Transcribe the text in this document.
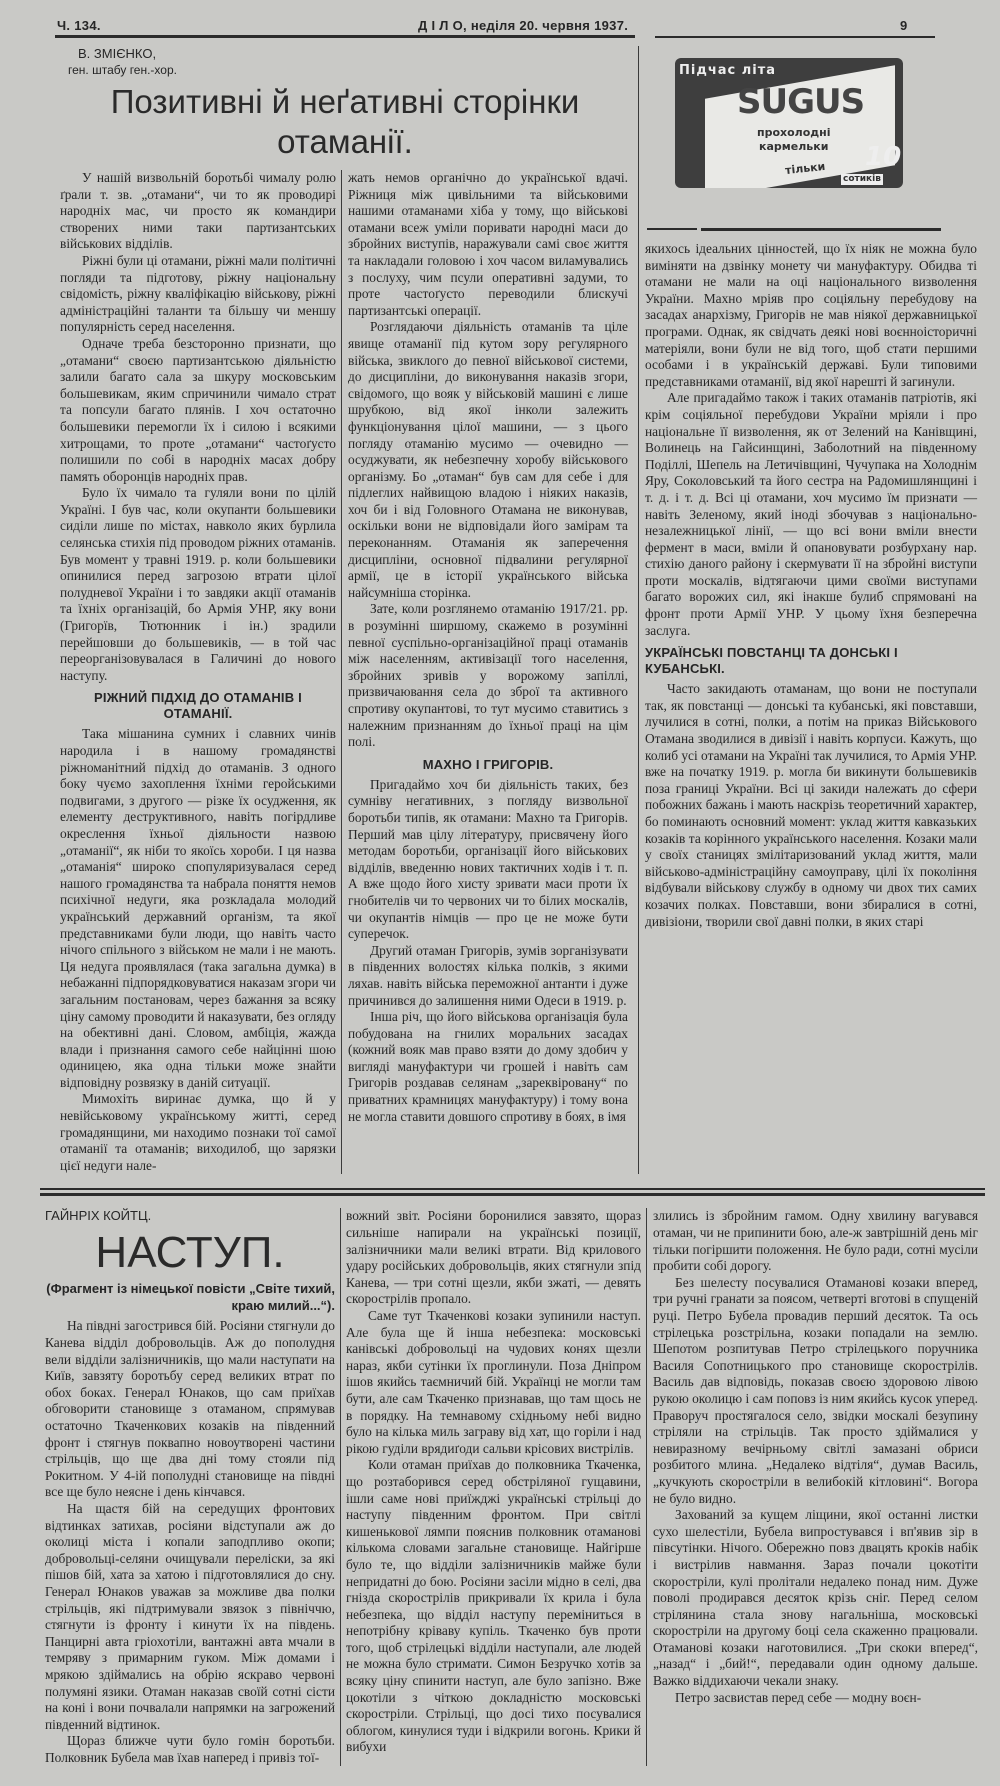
Ч. 134.	Д І Л О, неділя 20. червня 1937.	9
В. ЗМІЄНКО,
ген. штабу ген.-хор.
Позитивні й неґативні сторінки отаманії.

У нашій визвольній боротьбі чималу ролю ґрали т. зв. „отамани“, чи то як проводирі народніх мас, чи просто як командири створених ними таки партизантських військових відділів.

Ріжні були ці отамани, ріжні мали політичні погляди та підготову, ріжну національну свідомість, ріжну кваліфікацію військову, ріжні адміністраційні таланти та більшу чи меншу популярність серед населення.

Одначе треба безсторонно признати, що „отамани“ своєю партизантською діяльністю залили багато сала за шкуру московським большевикам, яким спричинили чимало страт та попсули багато плянів. І хоч остаточно большевики перемогли їх і силою і всякими хитрощами, то проте „отамани“ частоґусто полишили по собі в народніх масах добру память оборонців народніх прав.

Було їх чимало та гуляли вони по цілій Україні. І був час, коли окупанти большевики сиділи лише по містах, навколо яких бурлила селянська стихія під проводом ріжних отаманів. Був момент у травні 1919. р. коли большевики опинилися перед загрозою втрати цілої полудневої України і то завдяки акції отаманів та їхніх організацій, бо Армія УНР, яку вони (Григорїв, Тютюнник і ін.) зрадили перейшовши до большевиків, — в той час переорганізовувалася в Галичині до нового наступу.

РІЖНИЙ ПІДХІД ДО ОТАМАНІВ І ОТАМАНІЇ.

Така мішанина сумних і славних чинів народила і в нашому громадянстві ріжноманітний підхід до отаманів. З одного боку чуємо захоплення їхніми геройськими подвигами, з другого — різке їх осудження, як елементу деструктивного, навіть погірдливе окреслення їхньої діяльности назвою „отаманії“, як ніби то якоїсь хороби. І ця назва „отаманія“ широко спопуляризувалася серед нашого громадянства та набрала поняття немов психічної недуги, яка розкладала молодий український державний організм, та якої представниками були люди, що навіть часто нічого спільного з військом не мали і не мають. Ця недуга проявлялася (така загальна думка) в небажанні підпорядковуватися наказам згори чи загальним постановам, через бажання за всяку ціну самому проводити й наказувати, без огляду на обективні дані. Словом, амбіція, жажда влади і признання самого себе найцінні шою одиницею, яка одна тільки може знайти відповідну розвязку в даній ситуації.

Мимохіть виринає думка, що й у невійськовому українському житті, серед громадянщини, ми находимо познаки тої самої отаманії та отаманів; виходилоб, що зарязки цієї недуги нале-

жать немов органічно до української вдачі. Ріжниця між цивільними та військовими нашими отаманами хіба у тому, що військові отамани всеж уміли поривати народні маси до збройних виступів, наражували самі своє життя та накладали головою і хоч часом виламувались з послуху, чим псули оперативні задуми, то проте частоґусто переводили блискучі партизантські операції.

Розглядаючи діяльність отаманів та ціле явище отаманії під кутом зору регулярного війська, звиклого до певної військової системи, до дисципліни, до виконування наказів згори, свідомого, що вояк у військовій машині є лише шрубкою, від якої інколи залежить функціонування цілої машини, — з цього погляду отаманію мусимо — очевидно — осуджувати, як небезпечну хоробу військового організму. Бо „отаман“ був сам для себе і для підлеглих найвищою владою і ніяких наказів, хоч би і від Головного Отамана не виконував, оскільки вони не відповідали його замірам та переконанням. Отаманія як заперечення дисципліни, основної підвалини регулярної армії, це в історії українського війська найсумніша сторінка.

Зате, коли розглянемо отаманію 1917/21. рр. в розумінні ширшому, скажемо в розумінні певної суспільно-організаційної праці отаманів між населенням, активізації того населення, збройних зривів у ворожому запіллі, призвичаювання села до зброї та активного спротиву окупантові, то тут мусимо ставитись з належним признанням до їхньої праці на цім полі.

МАХНО І ГРИГОРІВ.

Пригадаймо хоч би діяльність таких, без сумніву негативних, з погляду визвольної боротьби типів, як отамани: Махно та Григорів. Перший мав цілу літературу, присвячену його методам боротьби, організації його військових відділів, введенню нових тактичних ходів і т. п. А вже щодо його хисту зривати маси проти їх гнобителів чи то червоних чи то білих москалів, чи окупантів німців — про це не може бути суперечок.

Другий отаман Григорів, зумів зорганізувати в південних волостях кілька полків, з якими ляхав. навіть війська переможної антанти і дуже причинився до залишення ними Одеси в 1919. р.

Інша річ, що його військова організація була побудована на гнилих моральних засадах (кожний вояк мав право взяти до дому здобич у вигляді мануфактури чи грошей і навіть сам Григорів роздавав селянам „зареквіровану“ по приватних крамницях мануфактуру) і тому вона не могла ставити довшого спротиву в боях, в імя

Підчас літа
SUGUS
прохолодні
кармельки
тільки 10
сотиків

якихось ідеальних цінностей, що їх ніяк не можна було виміняти на дзвінку монету чи мануфактуру. Обидва ті отамани не мали на оці національного визволення України. Махно мріяв про соціяльну перебудову на засадах анархізму, Григорів не мав ніякої державницької програми. Однак, як свідчать деякі нові воєнноісторичні матеріяли, вони були не від того, щоб стати першими особами і в українській державі. Були типовими представниками отаманії, від якої нарешті й загинули.

Але пригадаймо також і таких отаманів патріотів, які крім соціяльної перебудови України мріяли і про національне її визволення, як от Зелений на Канівщині, Волинець на Гайсинщині, Заболотний на південному Поділлі, Шепель на Летичівщині, Чучупака на Холоднім Яру, Соколовський та його сестра на Радомишлянщині і т. д. і т. д. Всі ці отамани, хоч мусимо їм признати — навіть Зеленому, який іноді збочував з національно-незалежницької лінії, — що всі вони вміли внести фермент в маси, вміли й опановувати розбурхану нар. стихію даного району і скермувати її на збройні виступи проти москалів, відтягаючи цими своїми виступами багато ворожих сил, які інакше булиб спрямовані на фронт проти Армії УНР. У цьому їхня безперечна заслуга.

УКРАЇНСЬКІ ПОВСТАНЦІ ТА ДОНСЬКІ І КУБАНСЬКІ.

Часто закидають отаманам, що вони не поступали так, як повстанці — донські та кубанські, які повставши, лучилися в сотні, полки, а потім на приказ Військового Отамана зводилися в дивізії і навіть корпуси. Кажуть, що колиб усі отамани на Україні так лучилися, то Армія УНР. вже на початку 1919. р. могла би викинути большевиків поза границі України. Всі ці закиди належать до сфери побожних бажань і мають наскрізь теоретичний характер, бо поминають основний момент: уклад життя кавказьких козаків та корінного українського населення. Козаки мали у своїх станицях змілітаризований уклад життя, мали військово-адміністраційну самоуправу, цілі їх покоління відбували військову службу в одному чи двох тих самих козачих полках. Повставши, вони збиралися в сотні, дивізіони, творили свої давні полки, в яких старі

ГАЙНРІХ КОЙТЦ.
НАСТУП.
(Фрагмент із німецької повісти „Світе тихий, краю милий...“).

На півдні загострився бій. Росіяни стягнули до Канева відділ добровольців. Аж до пополудня вели відділи залізничників, що мали наступати на Київ, завзяту боротьбу серед великих втрат по обох боках. Генерал Юнаков, що сам приїхав обговорити становище з отаманом, спрямував остаточно Ткаченкових козаків на південний фронт і стягнув поквапно новоутворені частини стрільців, що ще два дні тому стояли під Рокитном. У 4-ій пополудні становище на півдні все ще було неясне і день кінчався.

На щастя бій на середущих фронтових відтинках затихав, росіяни відступали аж до околиці міста і копали заподпливо окопи; добровольці-селяни очищували переліски, за які пішов бій, хата за хатою і підготовлялися до сну. Генерал Юнаков уважав за можливе два полки стрільців, які підтримували звязок з північчю, стягнути із фронту і кинути їх на південь. Панцирні авта гріохотіли, вантажні авта мчали в темряву з примарним гуком. Між домами і мрякою здіймались на обрію яскраво червоні полумяні язики. Отаман наказав своїй сотні сісти на коні і вони почвалали напрямки на загрожений південний відтинок.

Щораз ближче чути було гомін боротьби. Полковник Бубела мав їхав наперед і привіз тої-

вожний звіт. Росіяни боронилися завзято, щораз сильніше напирали на українські позиції, залізничники мали великі втрати. Від крилового удару російських добровольців, яких стягнули зпід Канева, — три сотні щезли, якби зжаті, — девять скорострілів пропало.

Саме тут Ткаченкові козаки зупинили наступ. Але була ще й інша небезпека: московські канівські добровольці на чудових конях щезли нараз, якби сутінки їх проглинули. Поза Дніпром ішов якийсь таємничий бій. Українці не могли там бути, але сам Ткаченко признавав, що там щось не в порядку. На темнавому східньому небі видно було на кілька миль заграву від хат, що горіли і над рікою гуділи врядиґоди сальви крісових вистрілів.

Коли отаман приїхав до полковника Ткаченка, що розтаборився серед обстріляної гущавини, ішли саме нові приїжджі українські стрільці до наступу південним фронтом. При світлі кишенькової лямпи пояснив полковник отаманові кількома словами загальне становище. Найгірше було те, що відділи залізничників майже були непридатні до бою. Росіяни засіли мідно в селі, два гнізда скорострілів прикривали їх крила і була небезпека, що відділ наступу переміниться в непотрібну кріваву купіль. Ткаченко був проти того, щоб стрілецькі відділи наступали, але людей не можна було стримати. Симон Безручко хотів за всяку ціну спинити наступ, але було запізно. Вже цокотіли з чіткою докладністю московські скоростріли. Стрільці, що досі тихо посувалися облогом, кинулися туди і відкрили вогонь. Крики й вибухи

злились із збройним гамом. Одну хвилину вагувався отаман, чи не припинити бою, але-ж завтрішній день міг тільки погіршити положення. Не було ради, сотні мусіли пробити собі дорогу.

Без шелесту посувалися Отаманові козаки вперед, три ручні гранати за поясом, четверті вготові в спущеній руці. Петро Бубела провадив перший десяток. Та ось стрілецька розстрільна, козаки попадали на землю. Шепотом розпитував Петро стрілецького поручника Василя Сопотницького про становище скорострілів. Василь дав відповідь, показав своєю здоровою лівою рукою околицю і сам поповз із ним якийсь кусок уперед. Праворуч простягалося село, звідки москалі безупину стріляли на стрільців. Так просто здіймалися у невиразному вечірньому світлі замазані обриси розбитого млина. „Недалеко відтіля“, думав Василь, „кучкують скоростріли в велибокій кітловині“. Вогора не було видно.

Захований за кущем ліщини, якої останні листки сухо шелестіли, Бубела випростувався і вп'явив зір в півсутінки. Нічого. Обережно повз двацять кроків набік і вистрілив навмання. Зараз почали цокотіти скоростріли, кулі пролітали недалеко понад ним. Дуже поволі продирався десяток крізь сніг. Перед селом стрілянина стала знову нагальніша, московські скоростріли на другому боці села скаженно працювали. Отаманові козаки наготовилися. „Три скоки вперед“, „назад“ і „бий!“, передавали один одному дальше. Важко віддихаючи чекали знаку.

Петро засвистав перед себе — модну воєн-
